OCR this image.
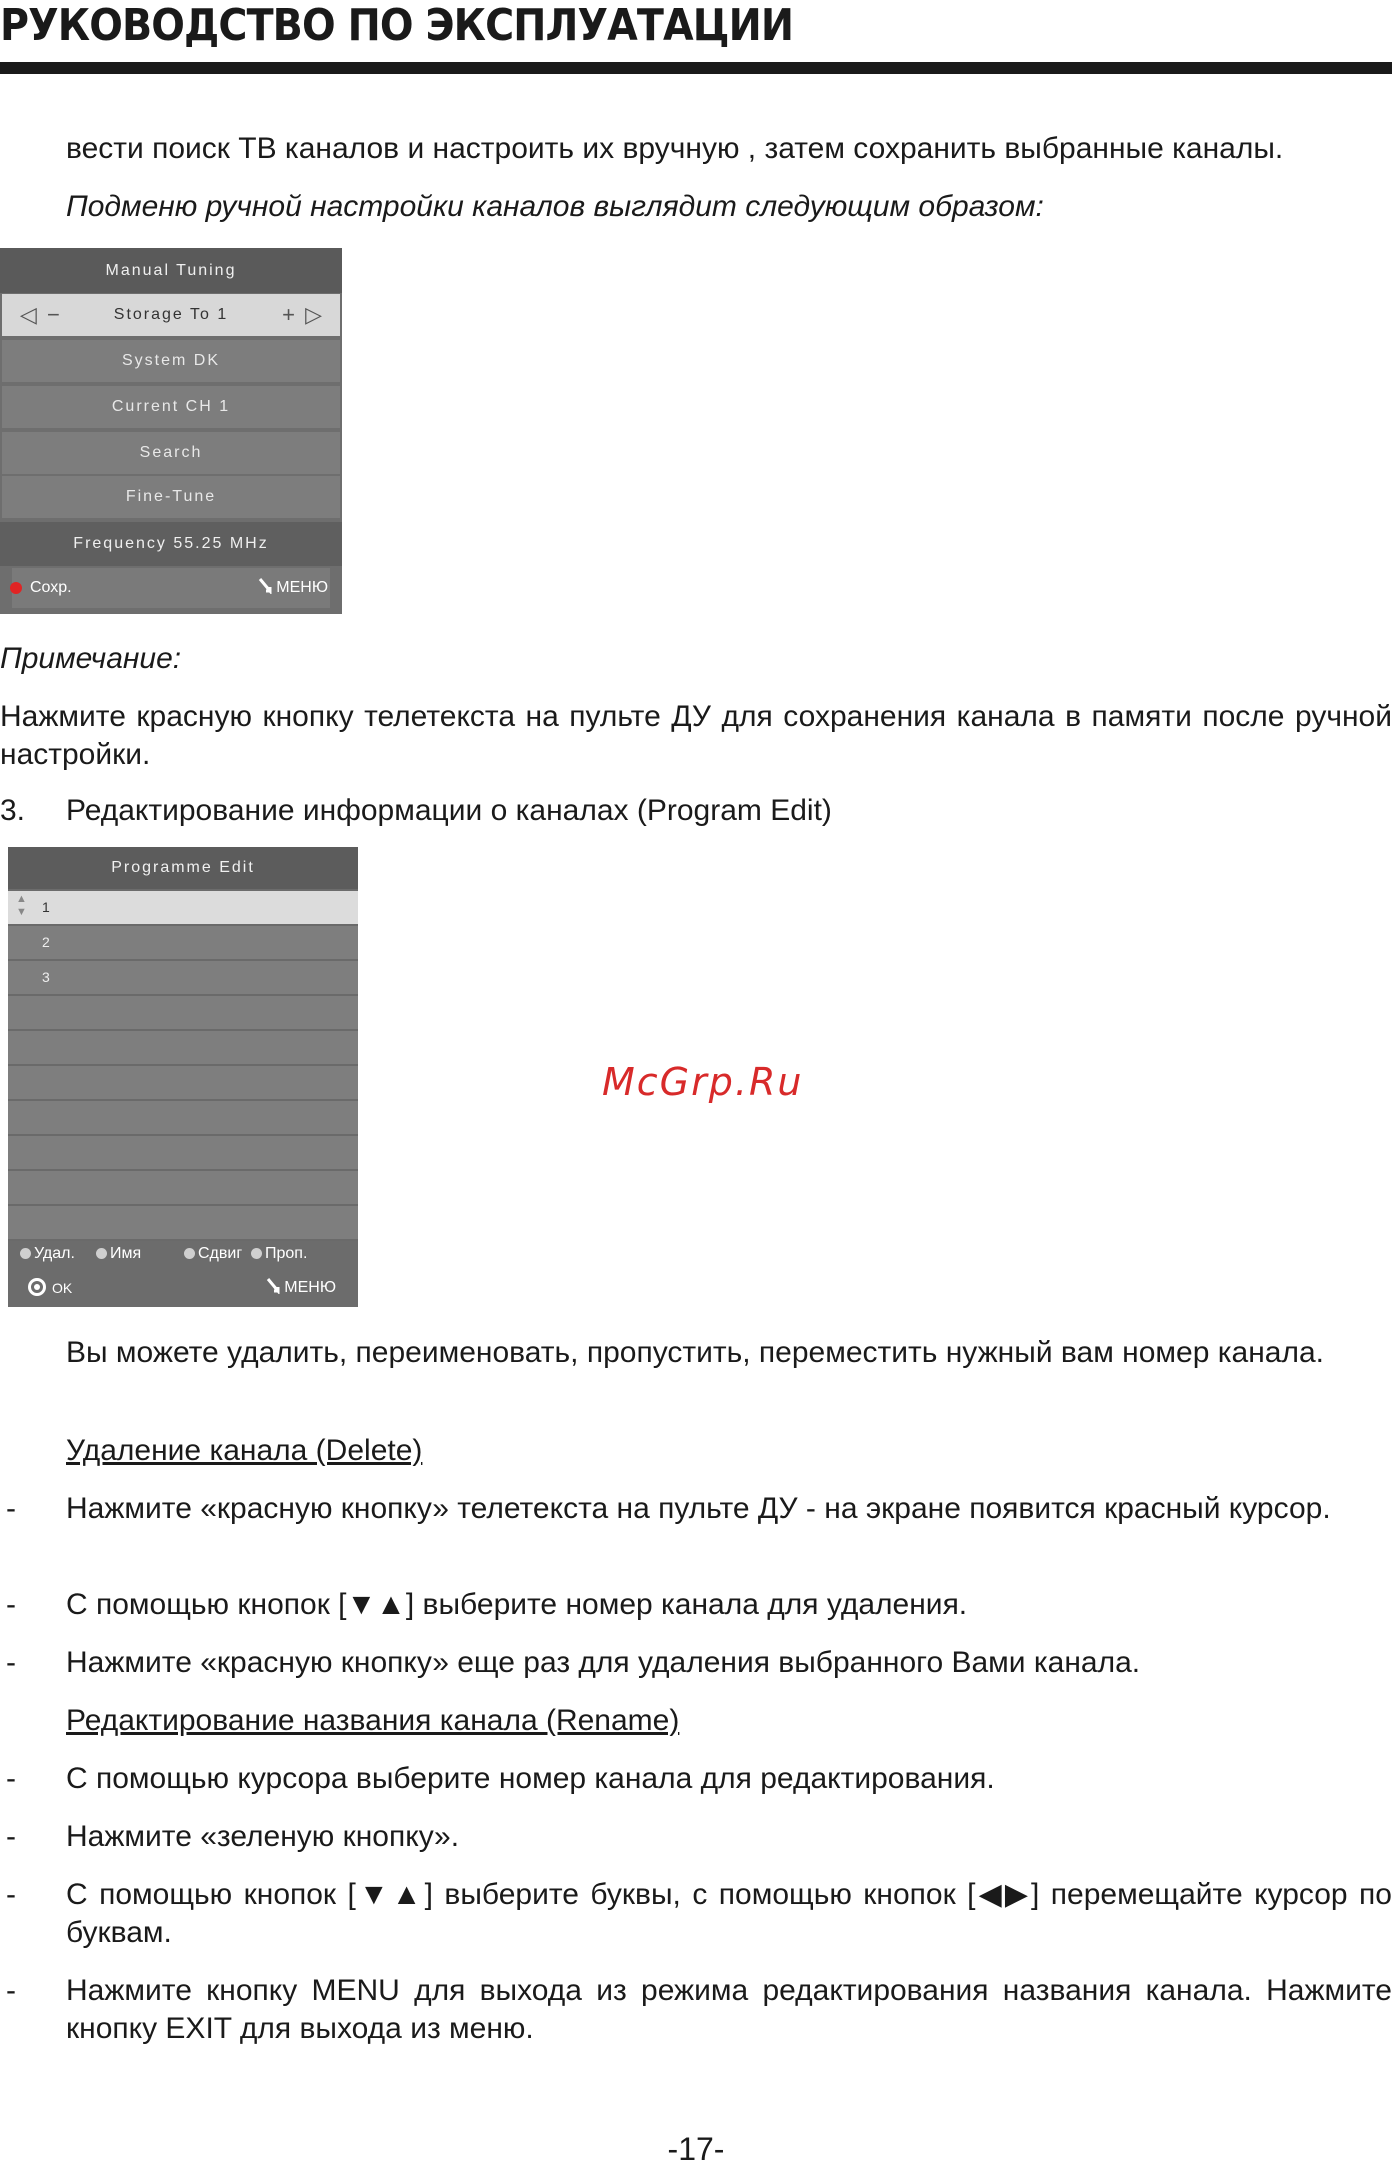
РУКОВОДСТВО ПО ЭКСПЛУАТАЦИИ
вести поиск ТВ каналов и настроить их вручную , затем сохранить выбранные каналы.
Подменю ручной настройки каналов выглядит следующим образом:
Manual Tuning
◁ −	Storage To 1 + ▷
System DK
Current CH 1
Search
Fine-Tune
Frequency 55.25 MHz
Сохр.	МЕНЮ
Примечание:
Нажмите красную кнопку телетекста на пульте ДУ для сохранения канала в памяти после ручной настройки.
3. Редактирование информации о каналах (Program Edit)
Programme Edit
▲
▼ 1
2
3
Удал.	Имя	Сдвиг	Проп.
OK	МЕНЮ
McGrp.Ru
Вы можете удалить, переименовать, пропустить, переместить нужный вам номер канала.
Удаление канала (Delete)
- Нажмите «красную кнопку» телетекста на пульте ДУ - на экране появится красный курсор.
- С помощью кнопок [▼▲] выберите номер канала для удаления.
- Нажмите «красную кнопку» еще раз для удаления выбранного Вами канала.
Редактирование названия канала (Rename)
- С помощью курсора выберите номер канала для редактирования.
- Нажмите «зеленую кнопку».
- С помощью кнопок [▼▲] выберите буквы, с помощью кнопок [◀▶] перемещайте курсор по буквам.
- Нажмите кнопку MENU для выхода из режима редактирования названия канала. Нажмите кнопку EXIT для выхода из меню.
-17-
